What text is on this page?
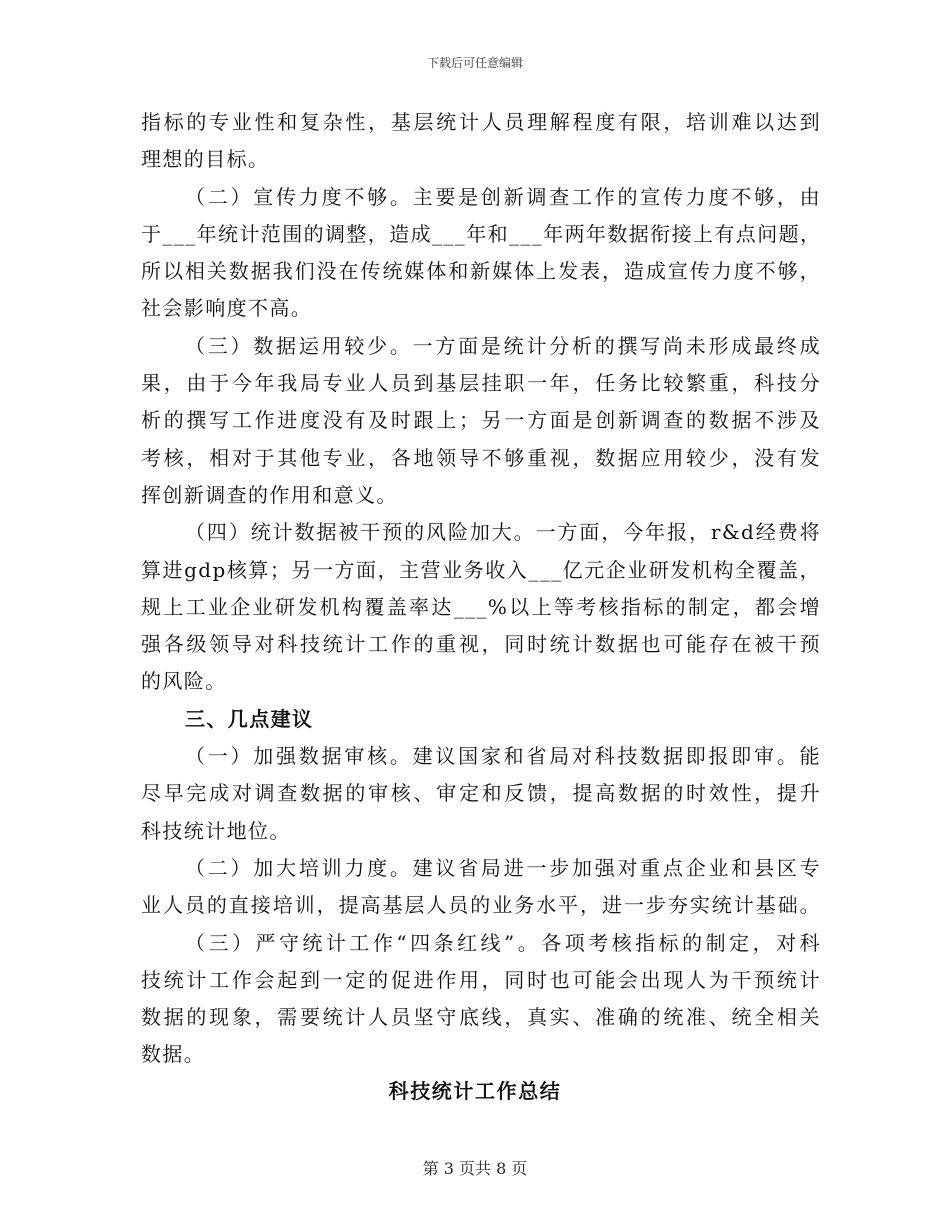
下载后可任意编辑
指标的专业性和复杂性，基层统计人员理解程度有限，培训难以达到
理想的目标。
（二）宣传力度不够。主要是创新调查工作的宣传力度不够，由
于___年统计范围的调整，造成___年和___年两年数据衔接上有点问题，
所以相关数据我们没在传统媒体和新媒体上发表，造成宣传力度不够，
社会影响度不高。
（三）数据运用较少。一方面是统计分析的撰写尚未形成最终成
果，由于今年我局专业人员到基层挂职一年，任务比较繁重，科技分
析的撰写工作进度没有及时跟上；另一方面是创新调查的数据不涉及
考核，相对于其他专业，各地领导不够重视，数据应用较少，没有发
挥创新调查的作用和意义。
（四）统计数据被干预的风险加大。一方面，今年报，r&d经费将
算进gdp核算；另一方面，主营业务收入___亿元企业研发机构全覆盖，
规上工业企业研发机构覆盖率达___%以上等考核指标的制定，都会增
强各级领导对科技统计工作的重视，同时统计数据也可能存在被干预
的风险。
三、几点建议
（一）加强数据审核。建议国家和省局对科技数据即报即审。能
尽早完成对调查数据的审核、审定和反馈，提高数据的时效性，提升
科技统计地位。
（二）加大培训力度。建议省局进一步加强对重点企业和县区专
业人员的直接培训，提高基层人员的业务水平，进一步夯实统计基础。
（三）严守统计工作“四条红线”。各项考核指标的制定，对科
技统计工作会起到一定的促进作用，同时也可能会出现人为干预统计
数据的现象，需要统计人员坚守底线，真实、准确的统准、统全相关
数据。
科技统计工作总结
第 3 页共 8 页
